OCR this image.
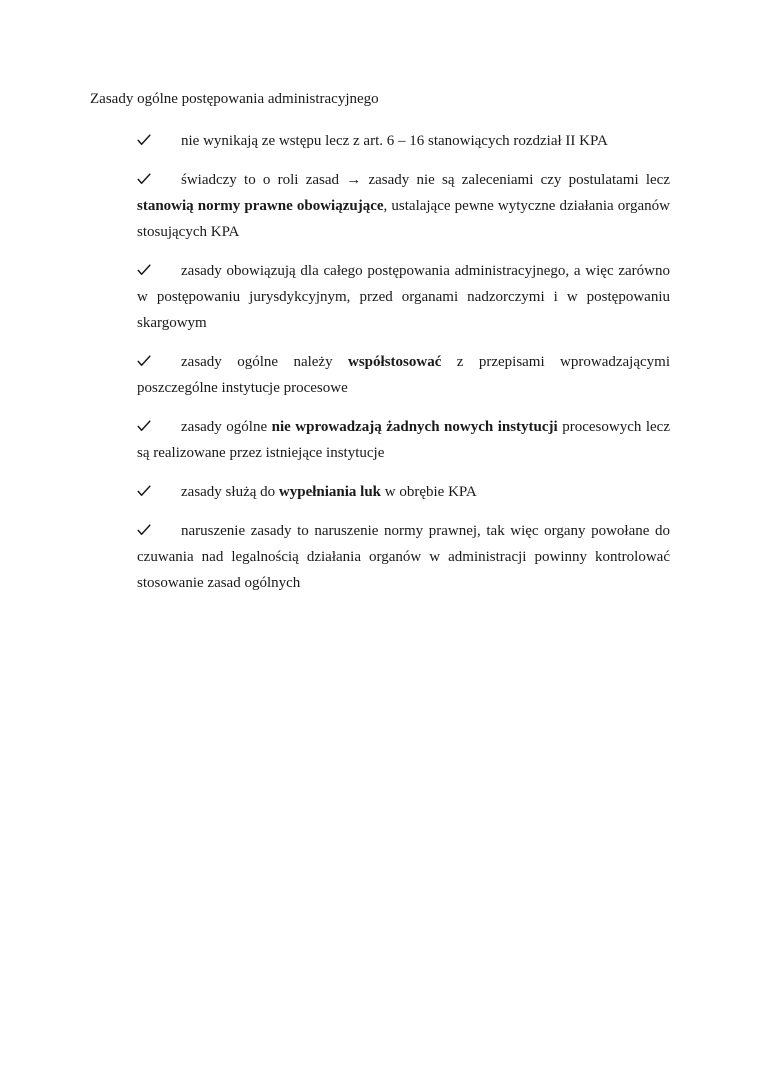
Zasady ogólne postępowania administracyjnego
nie wynikają ze wstępu lecz z art. 6 – 16 stanowiących rozdział II KPA
świadczy to o roli zasad → zasady nie są zaleceniami czy postulatami lecz stanowią normy prawne obowiązujące, ustalające pewne wytyczne działania organów stosujących KPA
zasady obowiązują dla całego postępowania administracyjnego, a więc zarówno w postępowaniu jurysdykcyjnym, przed organami nadzorczymi i w postępowaniu skargowym
zasady ogólne należy współstosować z przepisami wprowadzającymi poszczególne instytucje procesowe
zasady ogólne nie wprowadzają żadnych nowych instytucji procesowych lecz są realizowane przez istniejące instytucje
zasady służą do wypełniania luk w obrębie KPA
naruszenie zasady to naruszenie normy prawnej, tak więc organy powołane do czuwania nad legalnością działania organów w administracji powinny kontrolować stosowanie zasad ogólnych
